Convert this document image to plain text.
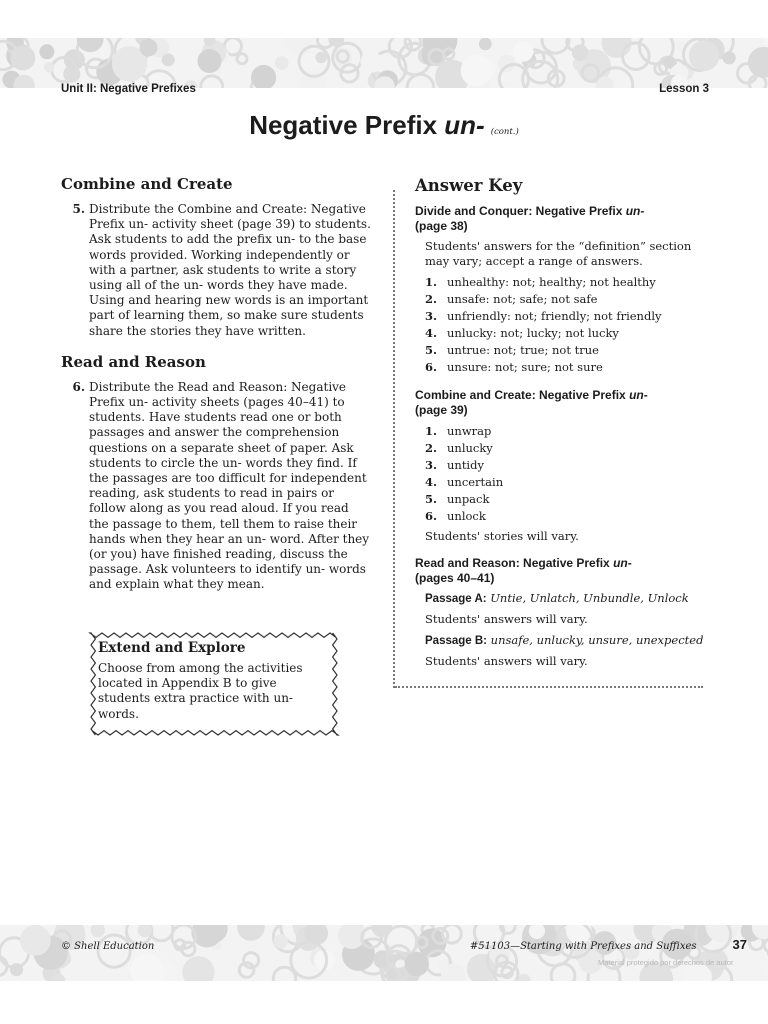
Unit II: Negative Prefixes	Lesson 3
Negative Prefix un- (cont.)
Combine and Create
5. Distribute the Combine and Create: Negative Prefix un- activity sheet (page 39) to students. Ask students to add the prefix un- to the base words provided. Working independently or with a partner, ask students to write a story using all of the un- words they have made. Using and hearing new words is an important part of learning them, so make sure students share the stories they have written.
Read and Reason
6. Distribute the Read and Reason: Negative Prefix un- activity sheets (pages 40–41) to students. Have students read one or both passages and answer the comprehension questions on a separate sheet of paper. Ask students to circle the un- words they find. If the passages are too difficult for independent reading, ask students to read in pairs or follow along as you read aloud. If you read the passage to them, tell them to raise their hands when they hear an un- word. After they (or you) have finished reading, discuss the passage. Ask volunteers to identify un- words and explain what they mean.
Extend and Explore
Choose from among the activities located in Appendix B to give students extra practice with un- words.
Answer Key
Divide and Conquer: Negative Prefix un-
(page 38)
Students' answers for the “definition” section may vary; accept a range of answers.
1. unhealthy: not; healthy; not healthy
2. unsafe: not; safe; not safe
3. unfriendly: not; friendly; not friendly
4. unlucky: not; lucky; not lucky
5. untrue: not; true; not true
6. unsure: not; sure; not sure
Combine and Create: Negative Prefix un-
(page 39)
1. unwrap
2. unlucky
3. untidy
4. uncertain
5. unpack
6. unlock
Students' stories will vary.
Read and Reason: Negative Prefix un-
(pages 40–41)
Passage A: Untie, Unlatch, Unbundle, Unlock
Students' answers will vary.
Passage B: unsafe, unlucky, unsure, unexpected
Students' answers will vary.
© Shell Education	#51103—Starting with Prefixes and Suffixes	37
Material protegido por derechos de autor
